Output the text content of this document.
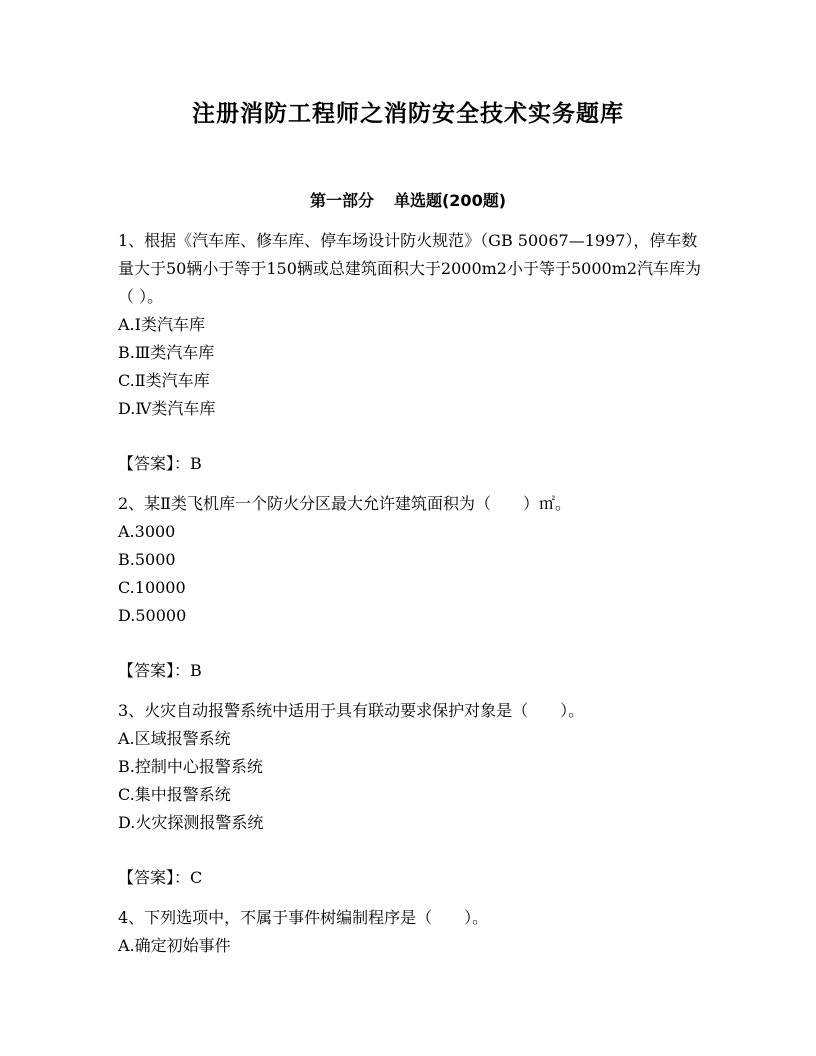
注册消防工程师之消防安全技术实务题库
第一部分 单选题(200题)

1、根据《汽车库、修车库、停车场设计防火规范》（GB 50067—1997），停车数量大于50辆小于等于150辆或总建筑面积大于2000m2小于等于5000m2汽车库为（ ）。

A.Ⅰ类汽车库

B.Ⅲ类汽车库

C.Ⅱ类汽车库

D.Ⅳ类汽车库

【答案】：B

2、某Ⅱ类飞机库一个防火分区最大允许建筑面积为（　　）㎡。

A.3000

B.5000

C.10000

D.50000

【答案】：B

3、火灾自动报警系统中适用于具有联动要求保护对象是（　　）。

A.区域报警系统

B.控制中心报警系统

C.集中报警系统

D.火灾探测报警系统

【答案】：C

4、下列选项中，不属于事件树编制程序是（　　）。

A.确定初始事件
